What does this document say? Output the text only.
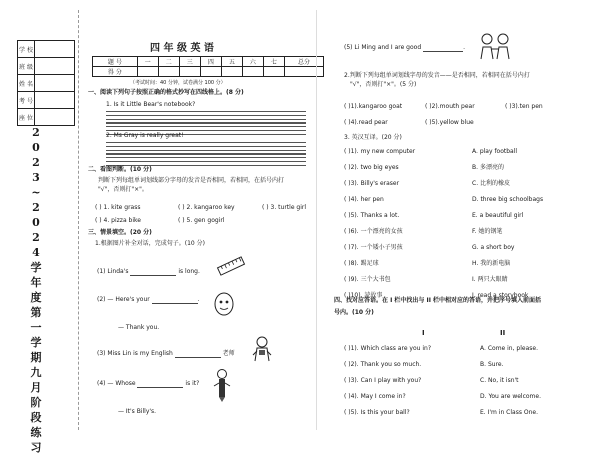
学 校
班 级
姓 名
考 号
座 位
2
0
2
3
~
2
0
2
4
学
年
度
第
一
学
期
九
月
阶
段
练
习
四 年 级 英 语
题 号	一	二	三	四	五	六	七	总分
得 分								
（考试时间：40 分钟，试卷满分 100 分）
一、阅读下列句子按照正确的格式抄写在四线格上。(8 分)
1. Is it Little Bear's notebook?
2. Ms Gray is really great!
二、看图判断。(10 分)
判断下列每组单词划线部分字母的发音是否相同，若相同，在括号内打
"√"，否则打"×"。
( ) 1. kite grass	( ) 2. kangaroo key	( ) 3. turtle girl
( ) 4. pizza bike	( ) 5. gen gogirl
三、情景填空。(20 分)
1.根据图片补全对话，完成句子。(10 分)
(1) Linda's	is long.
(2) — Here's your	.
— Thank you.
(3) Miss Lin is my English	老师
(4) — Whose	is it?
— It's Billy's.
(5) Li Ming and I are good	.
2.判断下列每组单词划线字母的发音——是否相同，若相同在括号内打
"√"，否则打"×"。(5 分)
( )1).kangaroo goat	( )2).mouth pear	( )3).ten pen
( )4).read pear	( )5).yellow blue
3. 英汉互译。(20 分)
( )1). my new computer	A. play football
( )2). two big eyes	B. 多漂亮的
( )3). Billy's eraser	C. 比利的橡皮
( )4). her pen	D. three big schoolbags
( )5). Thanks a lot.	E. a beautiful girl
( )6). 一个漂亮的女孩	F. 她的钢笔
( )7). 一个矮小子男孩	G. a short boy
( )8). 踢足球	H. 我的新电脑
( )9). 三个大书包	I. 两只大眼睛
( )10). 読故事	J. read a storybook
四、找对应答语。在 I 栏中找出与 II 栏中相对应的答语，并把序号填入前面括
号内。(10 分)
I	II
( )1). Which class are you in?	A. Come in, please.
( )2). Thank you so much.	B. Sure.
( )3). Can I play with you?	C. No, it isn't
( )4). May I come in?	D. You are welcome.
( )5). Is this your ball?	E. I'm in Class One.
